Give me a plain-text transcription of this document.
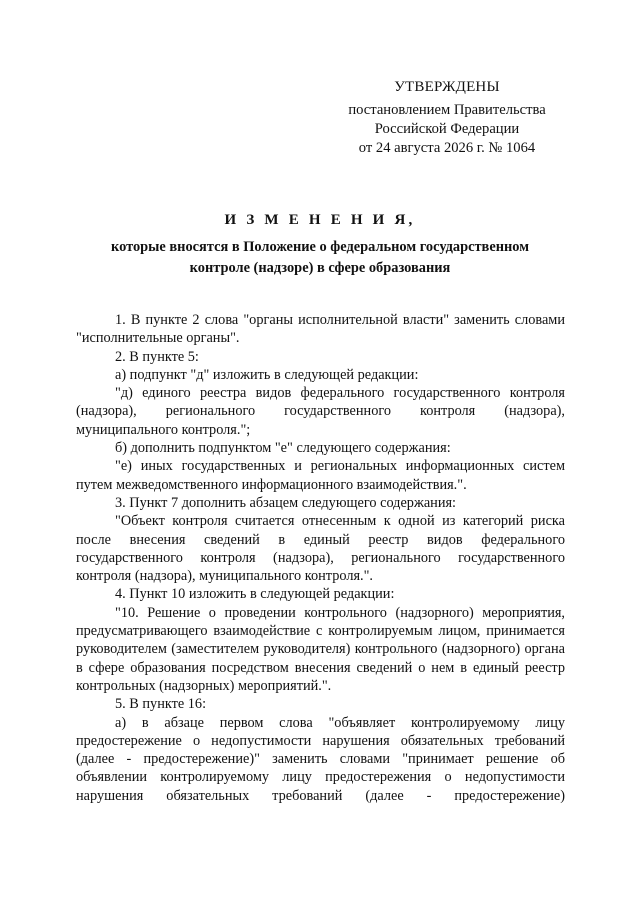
УТВЕРЖДЕНЫ
постановлением Правительства
Российской Федерации
от 24 августа 2026 г. № 1064
И З М Е Н Е Н И Я,
которые вносятся в Положение о федеральном государственном
контроле (надзоре) в сфере образования

1. В пункте 2 слова "органы исполнительной власти" заменить словами "исполнительные органы".

2. В пункте 5:

а) подпункт "д" изложить в следующей редакции:

"д) единого реестра видов федерального государственного контроля (надзора), регионального государственного контроля (надзора), муниципального контроля.";

б) дополнить подпунктом "е" следующего содержания:

"е) иных государственных и региональных информационных систем путем межведомственного информационного взаимодействия.".

3. Пункт 7 дополнить абзацем следующего содержания:

"Объект контроля считается отнесенным к одной из категорий риска после внесения сведений в единый реестр видов федерального государственного контроля (надзора), регионального государственного контроля (надзора), муниципального контроля.".

4. Пункт 10 изложить в следующей редакции:

"10. Решение о проведении контрольного (надзорного) мероприятия, предусматривающего взаимодействие с контролируемым лицом, принимается руководителем (заместителем руководителя) контрольного (надзорного) органа в сфере образования посредством внесения сведений о нем в единый реестр контрольных (надзорных) мероприятий.".

5. В пункте 16:

а) в абзаце первом слова "объявляет контролируемому лицу предостережение о недопустимости нарушения обязательных требований (далее - предостережение)" заменить словами "принимает решение об объявлении контролируемому лицу предостережения о недопустимости нарушения обязательных требований (далее - предостережение)
